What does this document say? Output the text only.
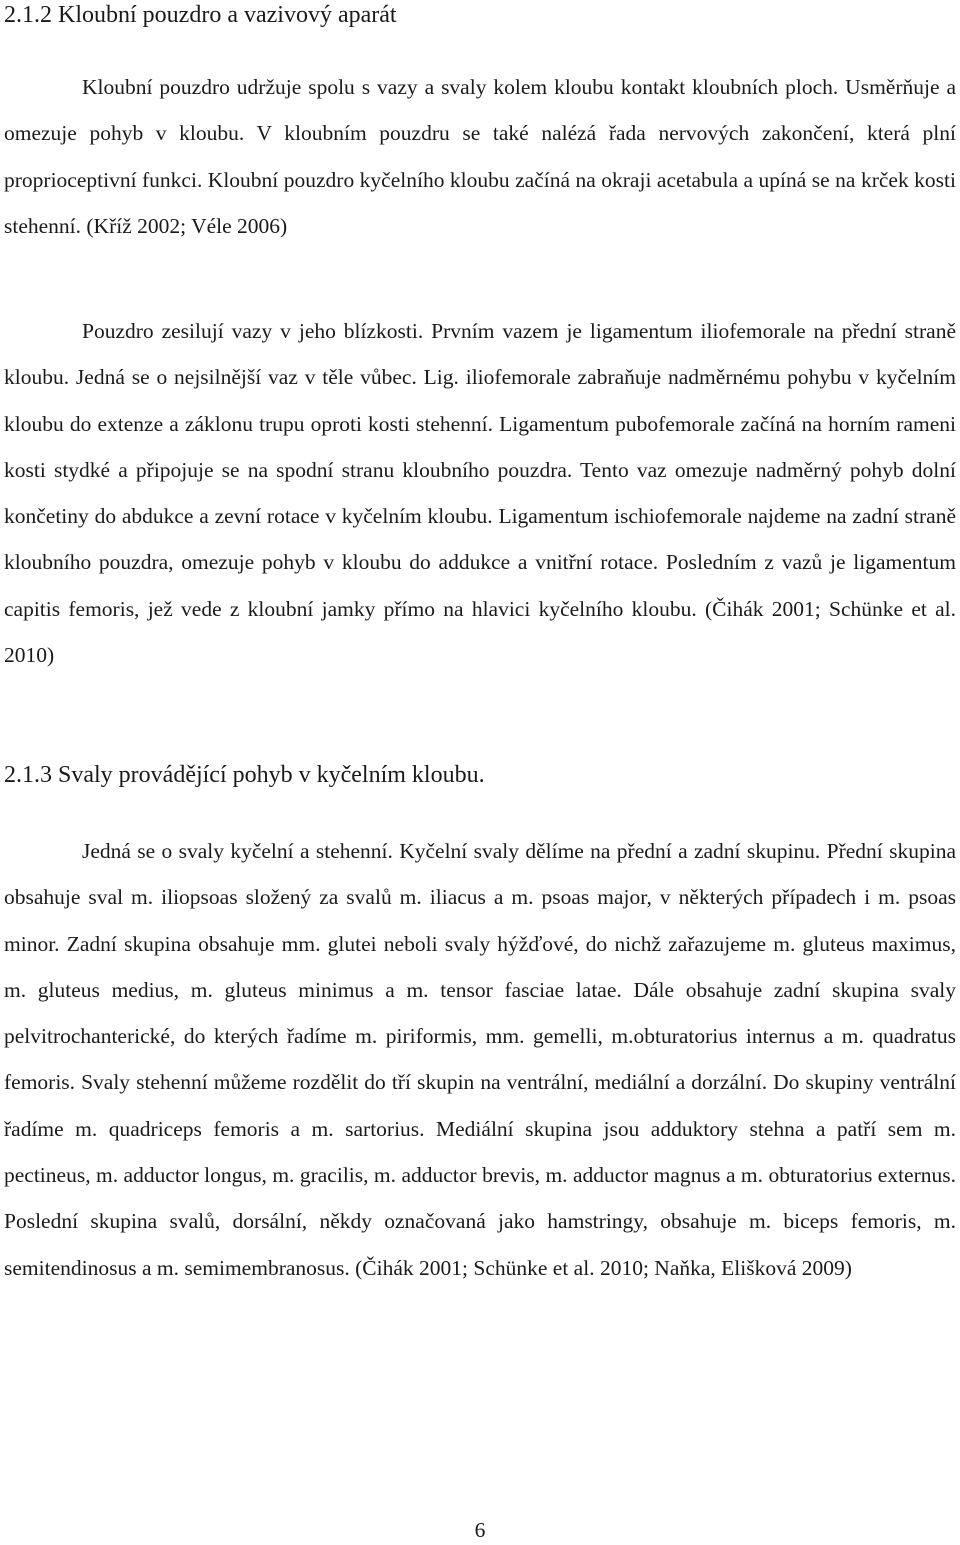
2.1.2 Kloubní pouzdro a vazivový aparát

Kloubní pouzdro udržuje spolu s vazy a svaly kolem kloubu kontakt kloubních ploch. Usměrňuje a omezuje pohyb v kloubu. V kloubním pouzdru se také nalézá řada nervových zakončení, která plní proprioceptivní funkci. Kloubní pouzdro kyčelního kloubu začíná na okraji acetabula a upíná se na krček kosti stehenní. (Kříž 2002; Véle 2006)

Pouzdro zesilují vazy v jeho blízkosti. Prvním vazem je ligamentum iliofemorale na přední straně kloubu. Jedná se o nejsilnější vaz v těle vůbec. Lig. iliofemorale zabraňuje nadměrnému pohybu v kyčelním kloubu do extenze a záklonu trupu oproti kosti stehenní. Ligamentum pubofemorale začíná na horním rameni kosti stydké a připojuje se na spodní stranu kloubního pouzdra. Tento vaz omezuje nadměrný pohyb dolní končetiny do abdukce a zevní rotace v kyčelním kloubu. Ligamentum ischiofemorale najdeme na zadní straně kloubního pouzdra, omezuje pohyb v kloubu do addukce a vnitřní rotace. Posledním z vazů je ligamentum capitis femoris, jež vede z kloubní jamky přímo na hlavici kyčelního kloubu. (Čihák 2001; Schünke et al. 2010)

2.1.3 Svaly provádějící pohyb v kyčelním kloubu.

Jedná se o svaly kyčelní a stehenní. Kyčelní svaly dělíme na přední a zadní skupinu. Přední skupina obsahuje sval m. iliopsoas složený za svalů m. iliacus a m. psoas major, v některých případech i m. psoas minor. Zadní skupina obsahuje mm. glutei neboli svaly hýžďové, do nichž zařazujeme m. gluteus maximus, m. gluteus medius, m. gluteus minimus a m. tensor fasciae latae. Dále obsahuje zadní skupina svaly pelvitrochanterické, do kterých řadíme m. piriformis, mm. gemelli, m.obturatorius internus a m. quadratus femoris. Svaly stehenní můžeme rozdělit do tří skupin na ventrální, mediální a dorzální. Do skupiny ventrální řadíme m. quadriceps femoris a m. sartorius. Mediální skupina jsou adduktory stehna a patří sem m. pectineus, m. adductor longus, m. gracilis, m. adductor brevis, m. adductor magnus a m. obturatorius externus. Poslední skupina svalů, dorsální, někdy označovaná jako hamstringy, obsahuje m. biceps femoris, m. semitendinosus a m. semimembranosus. (Čihák 2001; Schünke et al. 2010; Naňka, Elišková 2009)

6
